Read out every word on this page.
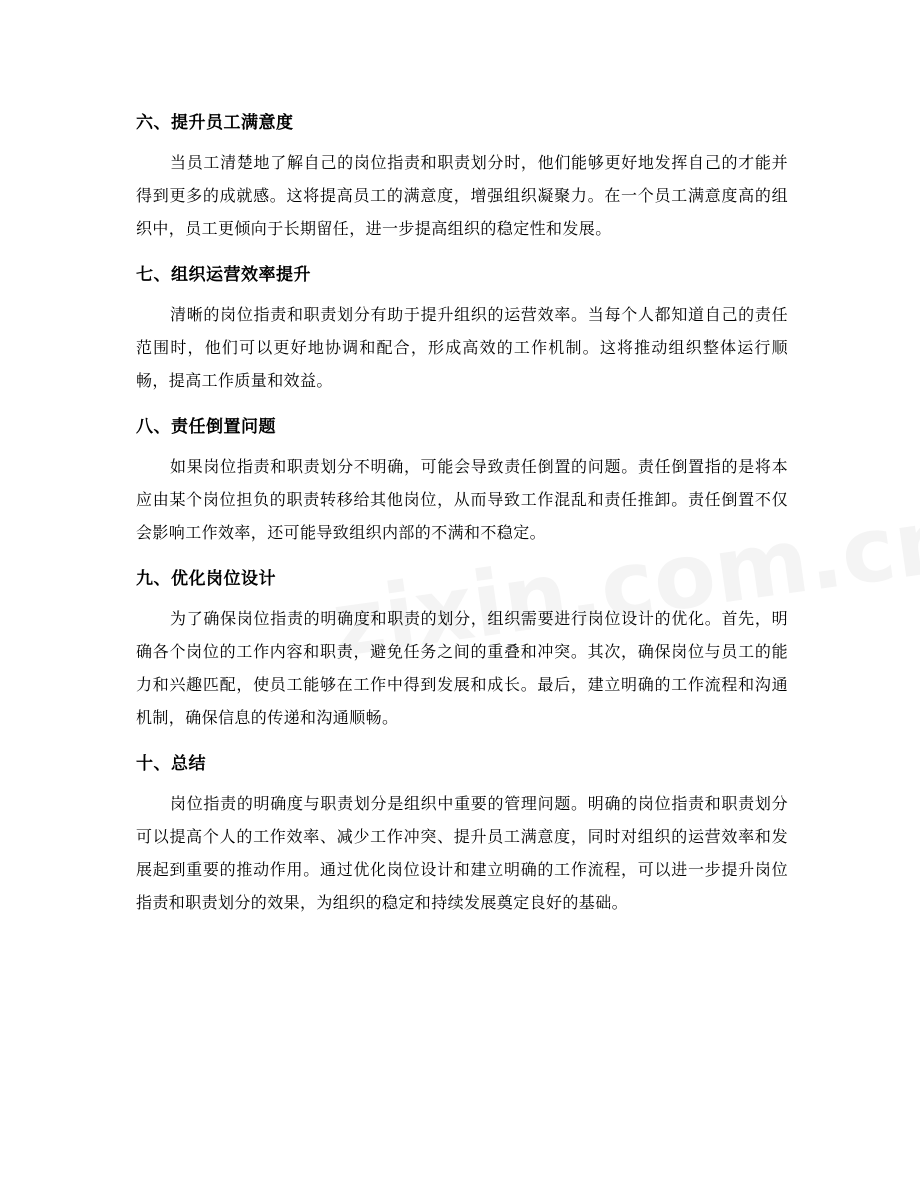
六、提升员工满意度

当员工清楚地了解自己的岗位指责和职责划分时，他们能够更好地发挥自己的才能并得到更多的成就感。这将提高员工的满意度，增强组织凝聚力。在一个员工满意度高的组织中，员工更倾向于长期留任，进一步提高组织的稳定性和发展。

七、组织运营效率提升

清晰的岗位指责和职责划分有助于提升组织的运营效率。当每个人都知道自己的责任范围时，他们可以更好地协调和配合，形成高效的工作机制。这将推动组织整体运行顺畅，提高工作质量和效益。

八、责任倒置问题

如果岗位指责和职责划分不明确，可能会导致责任倒置的问题。责任倒置指的是将本应由某个岗位担负的职责转移给其他岗位，从而导致工作混乱和责任推卸。责任倒置不仅会影响工作效率，还可能导致组织内部的不满和不稳定。

九、优化岗位设计

为了确保岗位指责的明确度和职责的划分，组织需要进行岗位设计的优化。首先，明确各个岗位的工作内容和职责，避免任务之间的重叠和冲突。其次，确保岗位与员工的能力和兴趣匹配，使员工能够在工作中得到发展和成长。最后，建立明确的工作流程和沟通机制，确保信息的传递和沟通顺畅。

十、总结

岗位指责的明确度与职责划分是组织中重要的管理问题。明确的岗位指责和职责划分可以提高个人的工作效率、减少工作冲突、提升员工满意度，同时对组织的运营效率和发展起到重要的推动作用。通过优化岗位设计和建立明确的工作流程，可以进一步提升岗位指责和职责划分的效果，为组织的稳定和持续发展奠定良好的基础。
